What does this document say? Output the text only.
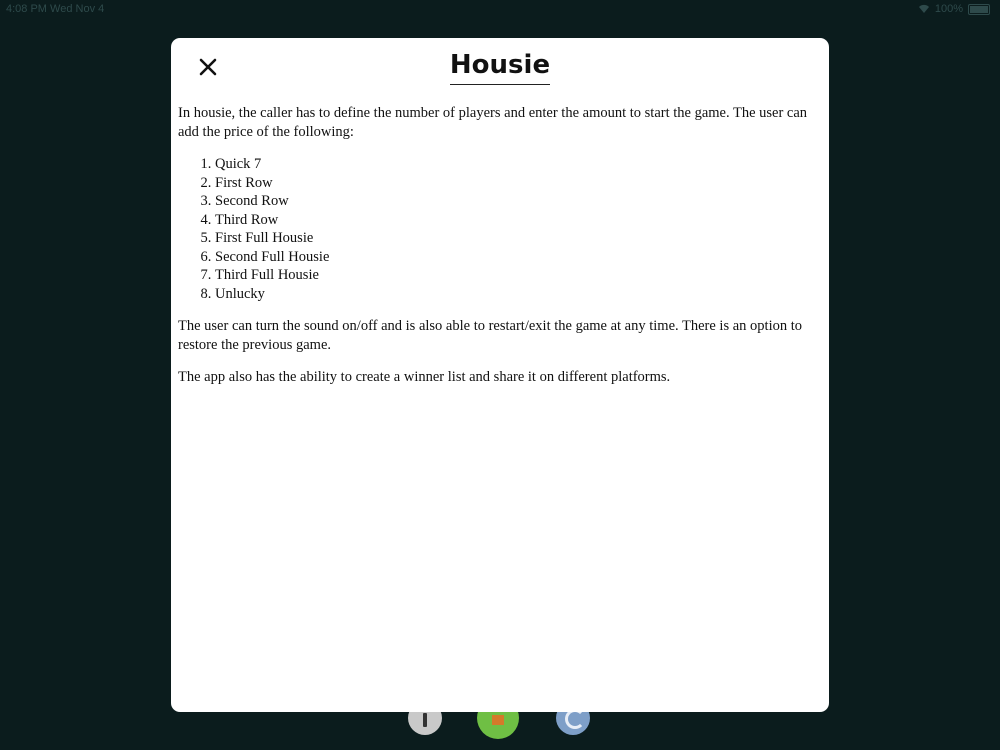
4:08 PM Wed Nov 4	100%
Housie

In housie, the caller has to define the number of players and enter the amount to start the game. The user can add the price of the following:

1. Quick 7
2. First Row
3. Second Row
4. Third Row
5. First Full Housie
6. Second Full Housie
7. Third Full Housie
8. Unlucky

The user can turn the sound on/off and is also able to restart/exit the game at any time. There is an option to restore the previous game.

The app also has the ability to create a winner list and share it on different platforms.
